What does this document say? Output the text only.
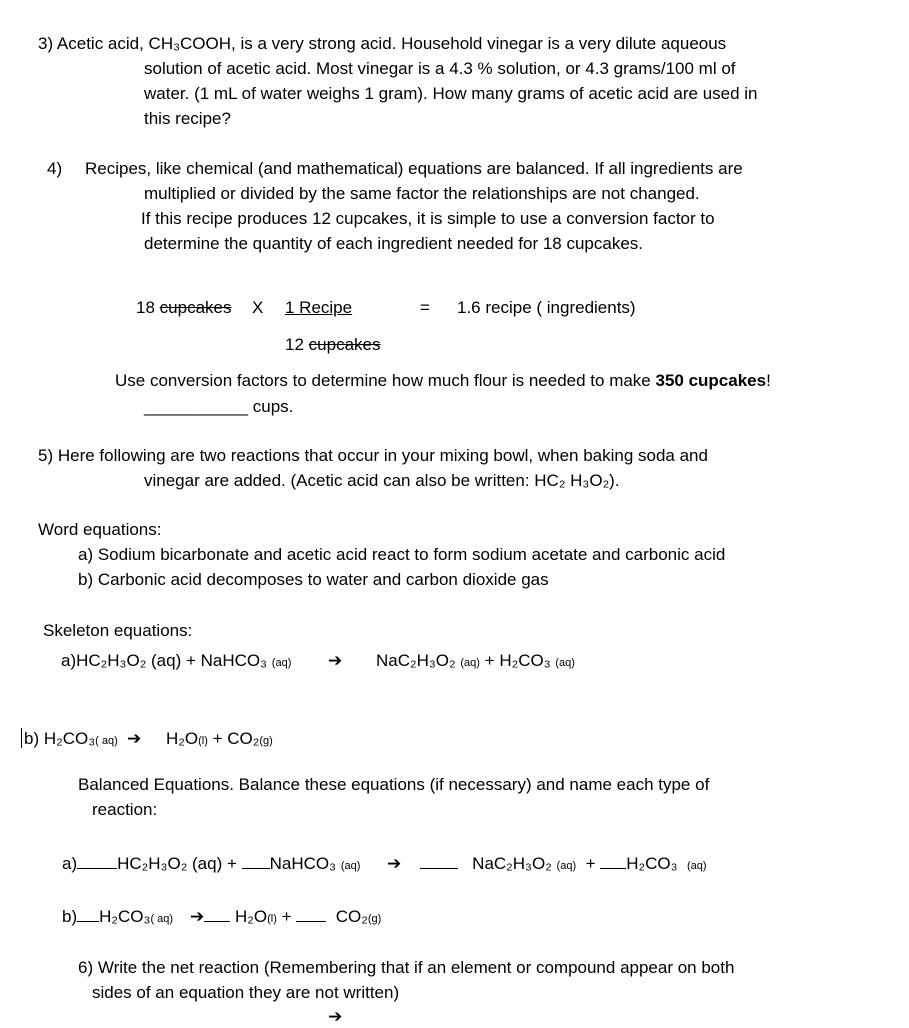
3) Acetic acid, CH₃COOH, is a very strong acid. Household vinegar is a very dilute aqueous
solution of acetic acid. Most vinegar is a 4.3 % solution, or 4.3 grams/100 ml of
water. (1 mL of water weighs 1 gram). How many grams of acetic acid are used in
this recipe?
4) Recipes, like chemical (and mathematical) equations are balanced. If all ingredients are
multiplied or divided by the same factor the relationships are not changed.
If this recipe produces 12 cupcakes, it is simple to use a conversion factor to
determine the quantity of each ingredient needed for 18 cupcakes.
18 cupcakes X 1 Recipe	= 1.6 recipe ( ingredients)
12 cupcakes
Use conversion factors to determine how much flour is needed to make 350 cupcakes!
___________ cups.
5) Here following are two reactions that occur in your mixing bowl, when baking soda and
vinegar are added. (Acetic acid can also be written: HC₂ H₃O₂).
Word equations:
a) Sodium bicarbonate and acetic acid react to form sodium acetate and carbonic acid
b) Carbonic acid decomposes to water and carbon dioxide gas
Skeleton equations:
a)HC₂H₃O₂ (aq) + NaHCO₃ (aq) ➔ NaC₂H₃O₂ (aq) + H₂CO₃ (aq)
b) H₂CO₃( aq) ➔ H₂O(l) + CO₂(g)
Balanced Equations. Balance these equations (if necessary) and name each type of
reaction:
a) HC₂H₃O₂ (aq) + NaHCO₃ (aq) ➔	NaC₂H₃O₂ (aq) + H₂CO₃ (aq)
b) H₂CO₃( aq) ➔ H₂O(l) +	CO₂(g)
6) Write the net reaction (Remembering that if an element or compound appear on both
sides of an equation they are not written)
➔
